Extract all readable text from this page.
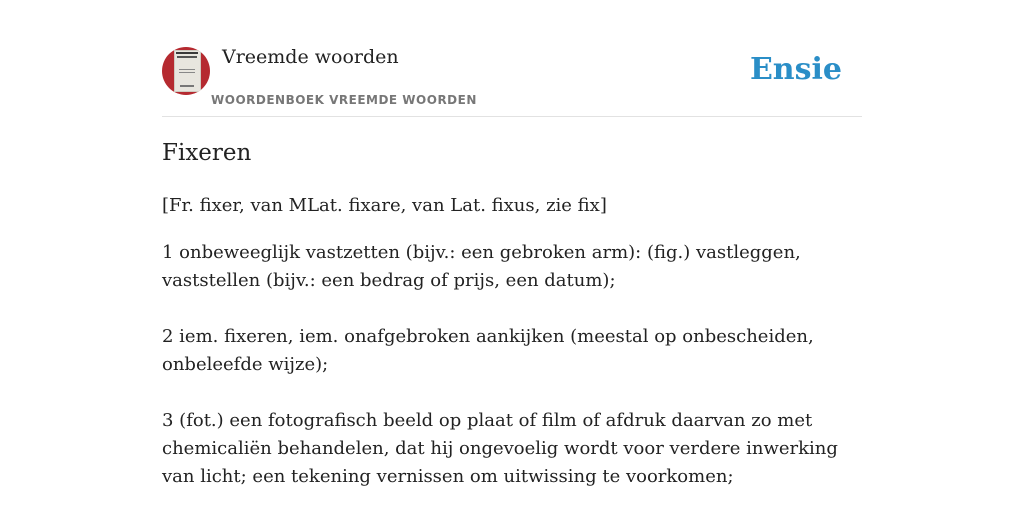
Vreemde woorden
WOORDENBOEK VREEMDE WOORDEN
Ensie
Fixeren

[Fr. fixer, van MLat. fixare, van Lat. fixus, zie fix]

1 onbeweeglijk vastzetten (bijv.: een gebroken arm): (fig.) vastleggen, vaststellen (bijv.: een bedrag of prijs, een datum);

2 iem. fixeren, iem. onafgebroken aankijken (meestal op onbescheiden, onbeleefde wijze);

3 (fot.) een fotografisch beeld op plaat of film of afdruk daarvan zo met chemicaliën behandelen, dat hij ongevoelig wordt voor verdere inwerking van licht; een tekening vernissen om uitwissing te voorkomen;
